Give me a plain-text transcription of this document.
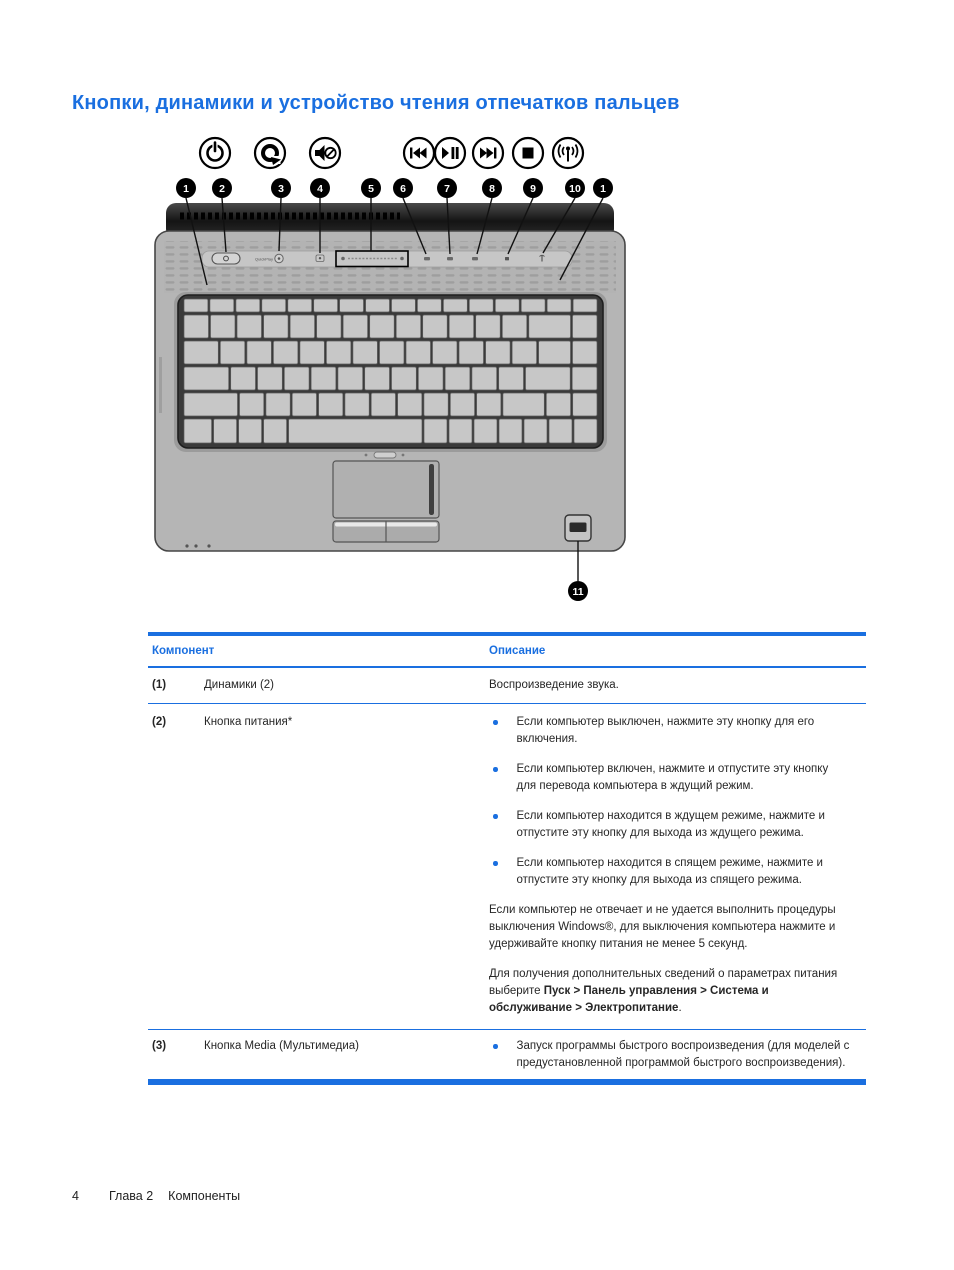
Кнопки, динамики и устройство чтения отпечатков пальцев
QuickPlay
1	2	3	4	5 6	7	8	9	10 1
11
Компонент	Описание
(1)	Динамики (2)	Воспроизведение звука.
(2)	Кнопка питания*	Если компьютер выключен, нажмите эту кнопку для его включения.
Если компьютер включен, нажмите и отпустите эту кнопку для перевода компьютера в ждущий режим.
Если компьютер находится в ждущем режиме, нажмите и отпустите эту кнопку для выхода из ждущего режима.
Если компьютер находится в спящем режиме, нажмите и отпустите эту кнопку для выхода из спящего режима.

Если компьютер не отвечает и не удается выполнить процедуры выключения Windows®, для выключения компьютера нажмите и удерживайте кнопку питания не менее 5 секунд.

Для получения дополнительных сведений о параметрах питания выберите Пуск > Панель управления > Система и обслуживание > Электропитание.

(3)	Кнопка Media (Мультимедиа)	Запуск программы быстрого воспроизведения (для моделей с предустановленной программой быстрого воспроизведения).
4 Глава 2 Компоненты
